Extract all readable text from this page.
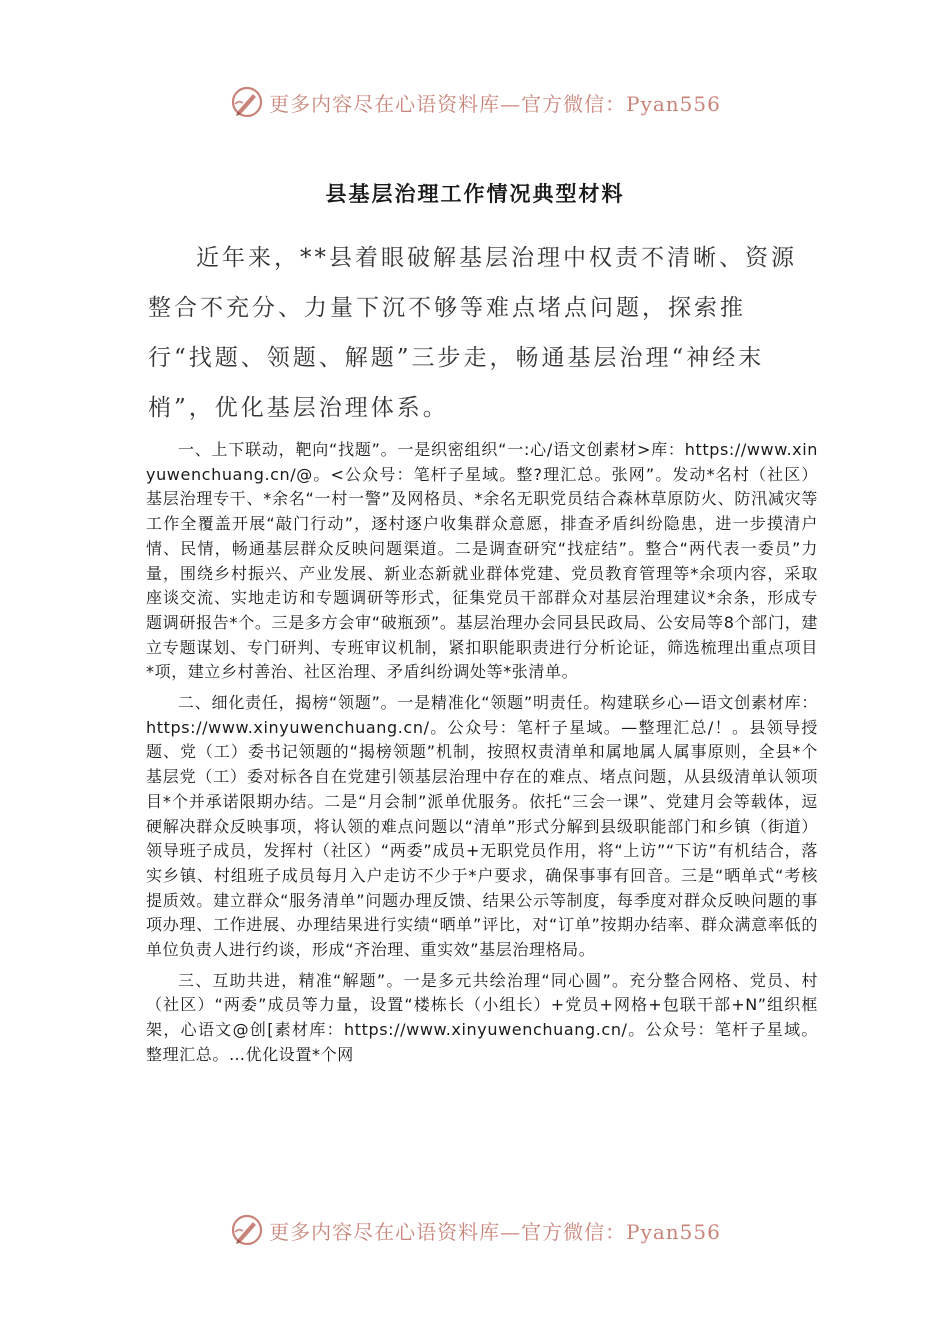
更多内容尽在心语资料库—官方微信：Pyan556
县基层治理工作情况典型材料

近年来，**县着眼破解基层治理中权责不清晰、资源整合不充分、力量下沉不够等难点堵点问题，探索推行“找题、领题、解题”三步走，畅通基层治理“神经末梢”，优化基层治理体系。

一、上下联动，靶向“找题”。一是织密组织“一:心/语文创素材>库：https://www.xinyuwenchuang.cn/@。<公众号：笔杆子星域。整?理汇总。张网”。发动*名村（社区）基层治理专干、*余名“一村一警”及网格员、*余名无职党员结合森林草原防火、防汛减灾等工作全覆盖开展“敲门行动”，逐村逐户收集群众意愿，排查矛盾纠纷隐患，进一步摸清户情、民情，畅通基层群众反映问题渠道。二是调查研究“找症结”。整合“两代表一委员”力量，围绕乡村振兴、产业发展、新业态新就业群体党建、党员教育管理等*余项内容，采取座谈交流、实地走访和专题调研等形式，征集党员干部群众对基层治理建议*余条，形成专题调研报告*个。三是多方会审“破瓶颈”。基层治理办会同县民政局、公安局等8个部门，建立专题谋划、专门研判、专班审议机制，紧扣职能职责进行分析论证，筛选梳理出重点项目*项，建立乡村善治、社区治理、矛盾纠纷调处等*张清单。

二、细化责任，揭榜“领题”。一是精准化“领题”明责任。构建联乡心—语文创素材库：https://www.xinyuwenchuang.cn/。公众号：笔杆子星域。—整理汇总/！。县领导授题、党（工）委书记领题的“揭榜领题”机制，按照权责清单和属地属人属事原则，全县*个基层党（工）委对标各自在党建引领基层治理中存在的难点、堵点问题，从县级清单认领项目*个并承诺限期办结。二是“月会制”派单优服务。依托“三会一课”、党建月会等载体，逗硬解决群众反映事项，将认领的难点问题以“清单”形式分解到县级职能部门和乡镇（街道）领导班子成员，发挥村（社区）“两委”成员+无职党员作用，将“上访”“下访”有机结合，落实乡镇、村组班子成员每月入户走访不少于*户要求，确保事事有回音。三是“晒单式“考核提质效。建立群众“服务清单”问题办理反馈、结果公示等制度，每季度对群众反映问题的事项办理、工作进展、办理结果进行实绩“晒单”评比，对“订单”按期办结率、群众满意率低的单位负责人进行约谈，形成“齐治理、重实效”基层治理格局。

三、互助共进，精准“解题”。一是多元共绘治理“同心圆”。充分整合网格、党员、村（社区）“两委”成员等力量，设置“楼栋长（小组长）+党员+网格+包联干部+N”组织框架，心语文@创[素材库：https://www.xinyuwenchuang.cn/。公众号：笔杆子星域。整理汇总。…优化设置*个网

更多内容尽在心语资料库—官方微信：Pyan556
